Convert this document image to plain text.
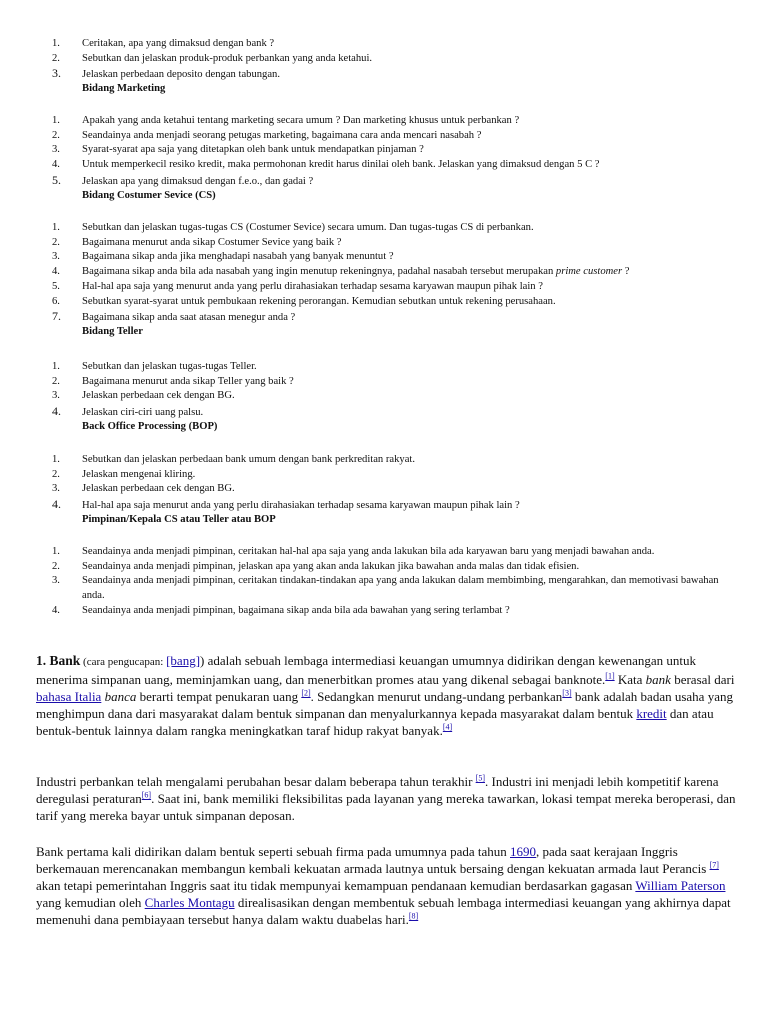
1.	Ceritakan, apa yang dimaksud dengan bank ?
2.	Sebutkan dan jelaskan produk-produk perbankan yang anda ketahui.
3.	Jelaskan perbedaan deposito dengan tabungan.
Bidang Marketing
1.	Apakah yang anda ketahui tentang marketing secara umum ? Dan marketing khusus untuk perbankan ?
2.	Seandainya anda menjadi seorang petugas marketing, bagaimana cara anda mencari nasabah ?
3.	Syarat-syarat apa saja yang ditetapkan oleh bank untuk mendapatkan pinjaman ?
4.	Untuk memperkecil resiko kredit, maka permohonan kredit harus dinilai oleh bank. Jelaskan yang dimaksud dengan 5 C ?
5.	Jelaskan apa yang dimaksud dengan f.e.o., dan gadai ?
Bidang Costumer Sevice (CS)
1.	Sebutkan dan jelaskan tugas-tugas CS (Costumer Sevice) secara umum. Dan tugas-tugas CS di perbankan.
2.	Bagaimana menurut anda sikap Costumer Sevice yang baik ?
3.	Bagaimana sikap anda jika menghadapi nasabah yang banyak menuntut ?
4.	Bagaimana sikap anda bila ada nasabah yang ingin menutup rekeningnya, padahal nasabah tersebut merupakan prime customer ?
5.	Hal-hal apa saja yang menurut anda yang perlu dirahasiakan terhadap sesama karyawan maupun pihak lain ?
6.	Sebutkan syarat-syarat untuk pembukaan rekening perorangan. Kemudian sebutkan untuk rekening perusahaan.
7.	Bagaimana sikap anda saat atasan menegur anda ?
Bidang Teller
1.	Sebutkan dan jelaskan tugas-tugas Teller.
2.	Bagaimana menurut anda sikap Teller yang baik ?
3.	Jelaskan perbedaan cek dengan BG.
4.	Jelaskan ciri-ciri uang palsu.
Back Office Processing (BOP)
1.	Sebutkan dan jelaskan perbedaan bank umum dengan bank perkreditan rakyat.
2.	Jelaskan mengenai kliring.
3.	Jelaskan perbedaan cek dengan BG.
4.	Hal-hal apa saja menurut anda yang perlu dirahasiakan terhadap sesama karyawan maupun pihak lain ?
Pimpinan/Kepala CS atau Teller atau BOP
1.	Seandainya anda menjadi pimpinan, ceritakan hal-hal apa saja yang anda lakukan bila ada karyawan baru yang menjadi bawahan anda.
2.	Seandainya anda menjadi pimpinan, jelaskan apa yang akan anda lakukan jika bawahan anda malas dan tidak efisien.
3.	Seandainya anda menjadi pimpinan, ceritakan tindakan-tindakan apa yang anda lakukan dalam membimbing, mengarahkan, dan memotivasi bawahan anda.
4.	Seandainya anda menjadi pimpinan, bagaimana sikap anda bila ada bawahan yang sering terlambat ?

1. Bank (cara pengucapan: [bang]) adalah sebuah lembaga intermediasi keuangan umumnya didirikan dengan kewenangan untuk menerima simpanan uang, meminjamkan uang, dan menerbitkan promes atau yang dikenal sebagai banknote.[1] Kata bank berasal dari bahasa Italia banca berarti tempat penukaran uang [2]. Sedangkan menurut undang-undang perbankan[3] bank adalah badan usaha yang menghimpun dana dari masyarakat dalam bentuk simpanan dan menyalurkannya kepada masyarakat dalam bentuk kredit dan atau bentuk-bentuk lainnya dalam rangka meningkatkan taraf hidup rakyat banyak.[4]

Industri perbankan telah mengalami perubahan besar dalam beberapa tahun terakhir [5]. Industri ini menjadi lebih kompetitif karena deregulasi peraturan[6]. Saat ini, bank memiliki fleksibilitas pada layanan yang mereka tawarkan, lokasi tempat mereka beroperasi, dan tarif yang mereka bayar untuk simpanan deposan.

Bank pertama kali didirikan dalam bentuk seperti sebuah firma pada umumnya pada tahun 1690, pada saat kerajaan Inggris berkemauan merencanakan membangun kembali kekuatan armada lautnya untuk bersaing dengan kekuatan armada laut Perancis [7] akan tetapi pemerintahan Inggris saat itu tidak mempunyai kemampuan pendanaan kemudian berdasarkan gagasan William Paterson yang kemudian oleh Charles Montagu direalisasikan dengan membentuk sebuah lembaga intermediasi keuangan yang akhirnya dapat memenuhi dana pembiayaan tersebut hanya dalam waktu duabelas hari.[8]
